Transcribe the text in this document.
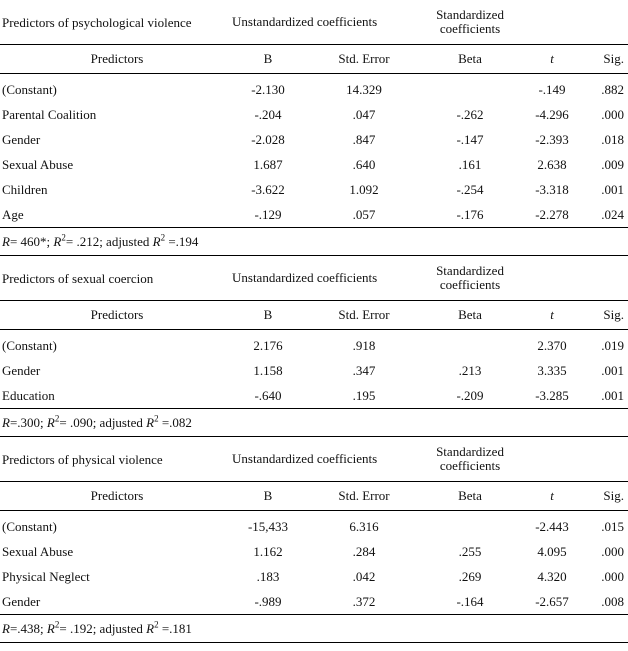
Predictors of psychological violence	Unstandardized coefficients		Standardized
coefficients		
Predictors	B	Std. Error	Beta	t	Sig.
(Constant)	-2.130	14.329		-.149	.882
Parental Coalition	-.204	.047	-.262	-4.296	.000
Gender	-2.028	.847	-.147	-2.393	.018
Sexual Abuse	1.687	.640	.161	2.638	.009
Children	-3.622	1.092	-.254	-3.318	.001
Age	-.129	.057	-.176	-2.278	.024
R= 460*; $R^2= .212$; adjusted $R^2 =.194$					
Predictors of sexual coercion	Unstandardized coefficients		Standardized
coefficients		
Predictors	B	Std. Error	Beta	t	Sig.
(Constant)	2.176	.918		2.370	.019
Gender	1.158	.347	.213	3.335	.001
Education	-.640	.195	-.209	-3.285	.001
R=.300; $R^2= .090$; adjusted $R^2 =.082$					
Predictors of physical violence	Unstandardized coefficients		Standardized
coefficients		
Predictors	B	Std. Error	Beta	t	Sig.
(Constant)	-15,433	6.316		-2.443	.015
Sexual Abuse	1.162	.284	.255	4.095	.000
Physical Neglect	.183	.042	.269	4.320	.000
Gender	-.989	.372	-.164	-2.657	.008
R=.438; $R^2= .192$; adjusted $R^2 =.181$					
